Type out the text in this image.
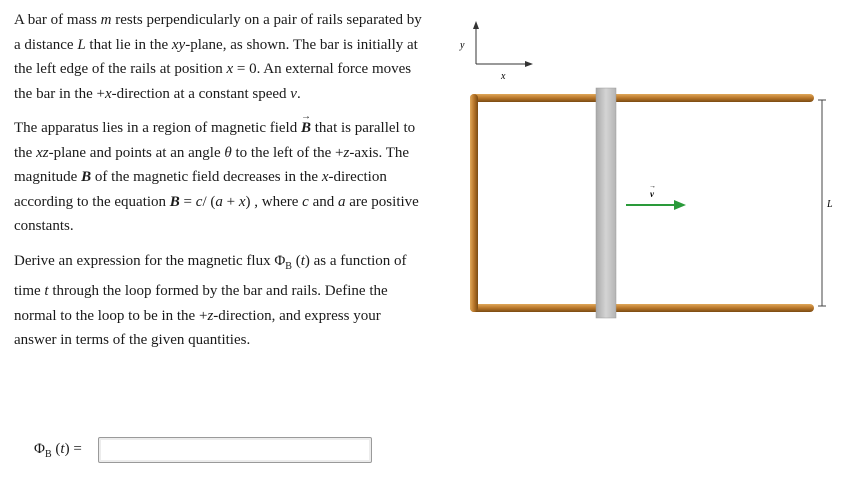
A bar of mass m rests perpendicularly on a pair of rails separated by a distance L that lie in the xy-plane, as shown. The bar is initially at the left edge of the rails at position x = 0. An external force moves the bar in the +x-direction at a constant speed v.

The apparatus lies in a region of magnetic field → B that is parallel to the xz-plane and points at an angle θ to the left of the +z-axis. The magnitude B of the magnetic field decreases in the x-direction according to the equation B = c/ (a + x) , where c and a are positive constants.

Derive an expression for the magnetic flux $\Phi_B$ (t) as a function of time t through the loop formed by the bar and rails. Define the normal to the loop to be in the +z-direction, and express your answer in terms of the given quantities.

$\Phi_B$ (t) =
y
x
v
→
L
